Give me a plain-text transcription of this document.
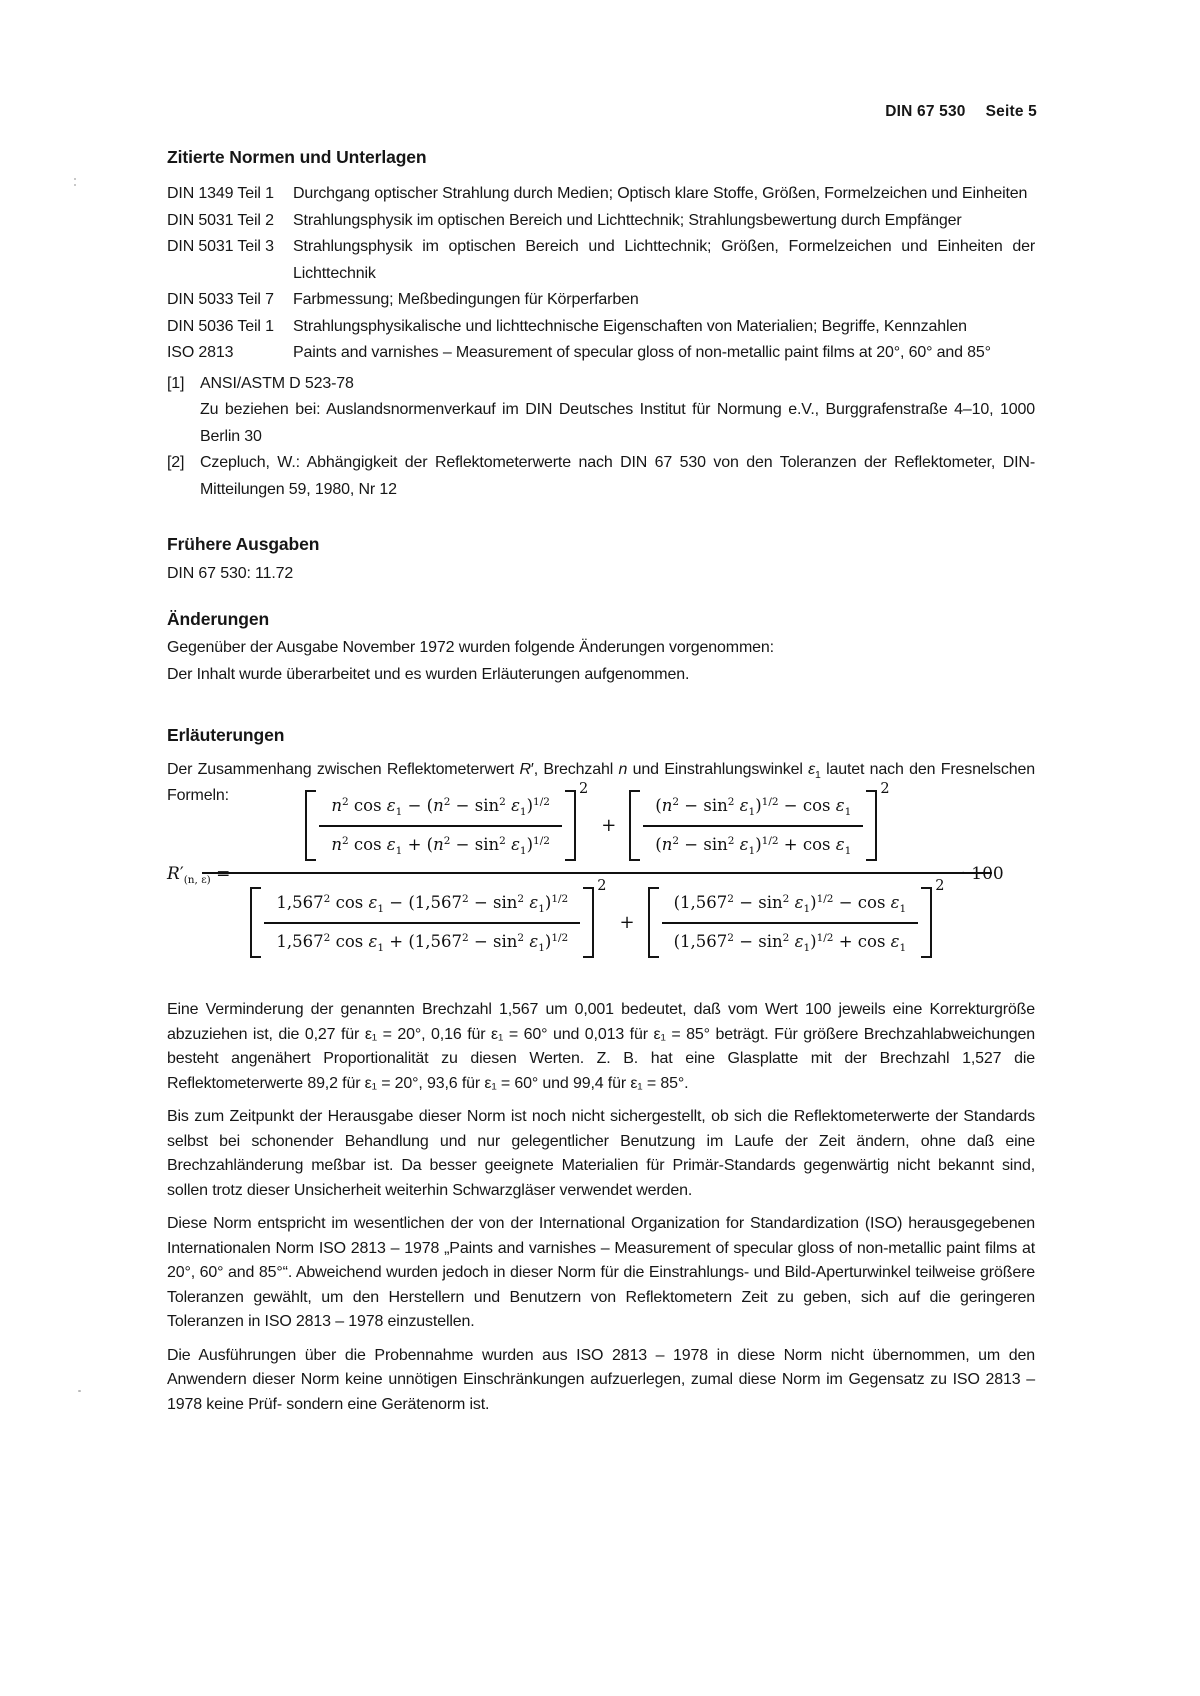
DIN 67 530 Seite 5
Zitierte Normen und Unterlagen
DIN 1349 Teil 1	Durchgang optischer Strahlung durch Medien; Optisch klare Stoffe, Größen, Formelzeichen und Einheiten
DIN 5031 Teil 2	Strahlungsphysik im optischen Bereich und Lichttechnik; Strahlungsbewertung durch Empfänger
DIN 5031 Teil 3	Strahlungsphysik im optischen Bereich und Lichttechnik; Größen, Formelzeichen und Einheiten der Lichttechnik
DIN 5033 Teil 7	Farbmessung; Meßbedingungen für Körperfarben
DIN 5036 Teil 1	Strahlungsphysikalische und lichttechnische Eigenschaften von Materialien; Begriffe, Kennzahlen
ISO 2813	Paints and varnishes – Measurement of specular gloss of non-metallic paint films at 20°, 60° and 85°
[1] ANSI/ASTM D 523-78
Zu beziehen bei: Auslandsnormenverkauf im DIN Deutsches Institut für Normung e.V., Burggrafenstraße 4–10, 1000 Berlin 30
[2] Czepluch, W.: Abhängigkeit der Reflektometerwerte nach DIN 67 530 von den Toleranzen der Reflektometer, DIN-Mitteilungen 59, 1980, Nr 12
Frühere Ausgaben
DIN 67 530: 11.72
Änderungen
Gegenüber der Ausgabe November 1972 wurden folgende Änderungen vorgenommen:
Der Inhalt wurde überarbeitet und es wurden Erläuterungen aufgenommen.
Erläuterungen
Der Zusammenhang zwischen Reflektometerwert R′, Brechzahl n und Einstrahlungswinkel $\varepsilon_1$ lautet nach den Fresnelschen Formeln:
$R'_{(n, \varepsilon)}$ =
$\frac{n^2 \cos \varepsilon_1 - (n^2 - \sin^2 \varepsilon_1)^{1/2}}{n^2 \cos \varepsilon_1 + (n^2 - \sin^2 \varepsilon_1)^{1/2}}$
2
+ $\frac{(n^2 - \sin^2 \varepsilon_1)^{1/2} - \cos \varepsilon_1}{(n^2 - \sin^2 \varepsilon_1)^{1/2} + \cos \varepsilon_1}$
2
$\frac{1,567^2 \cos \varepsilon_1 - (1,567^2 - \sin^2 \varepsilon_1)^{1/2}}{1,567^2 \cos \varepsilon_1 + (1,567^2 - \sin^2 \varepsilon_1)^{1/2}}$
2
+ $\frac{(1,567^2 - \sin^2 \varepsilon_1)^{1/2} - \cos \varepsilon_1}{(1,567^2 - \sin^2 \varepsilon_1)^{1/2} + \cos \varepsilon_1}$
2
· 100

Eine Verminderung der genannten Brechzahl 1,567 um 0,001 bedeutet, daß vom Wert 100 jeweils eine Korrekturgröße abzuziehen ist, die 0,27 für ε₁ = 20°, 0,16 für ε₁ = 60° und 0,013 für ε₁ = 85° beträgt. Für größere Brechzahlabweichungen besteht angenähert Proportionalität zu diesen Werten. Z. B. hat eine Glasplatte mit der Brechzahl 1,527 die Reflektometerwerte 89,2 für ε₁ = 20°, 93,6 für ε₁ = 60° und 99,4 für ε₁ = 85°.

Bis zum Zeitpunkt der Herausgabe dieser Norm ist noch nicht sichergestellt, ob sich die Reflektometerwerte der Standards selbst bei schonender Behandlung und nur gelegentlicher Benutzung im Laufe der Zeit ändern, ohne daß eine Brechzahländerung meßbar ist. Da besser geeignete Materialien für Primär-Standards gegenwärtig nicht bekannt sind, sollen trotz dieser Unsicherheit weiterhin Schwarzgläser verwendet werden.

Diese Norm entspricht im wesentlichen der von der International Organization for Standardization (ISO) herausgegebenen Internationalen Norm ISO 2813 – 1978 „Paints and varnishes – Measurement of specular gloss of non-metallic paint films at 20°, 60° and 85°“. Abweichend wurden jedoch in dieser Norm für die Einstrahlungs- und Bild-Aperturwinkel teilweise größere Toleranzen gewählt, um den Herstellern und Benutzern von Reflektometern Zeit zu geben, sich auf die geringeren Toleranzen in ISO 2813 – 1978 einzustellen.

Die Ausführungen über die Probennahme wurden aus ISO 2813 – 1978 in diese Norm nicht übernommen, um den Anwendern dieser Norm keine unnötigen Einschränkungen aufzuerlegen, zumal diese Norm im Gegensatz zu ISO 2813 – 1978 keine Prüf- sondern eine Gerätenorm ist.
